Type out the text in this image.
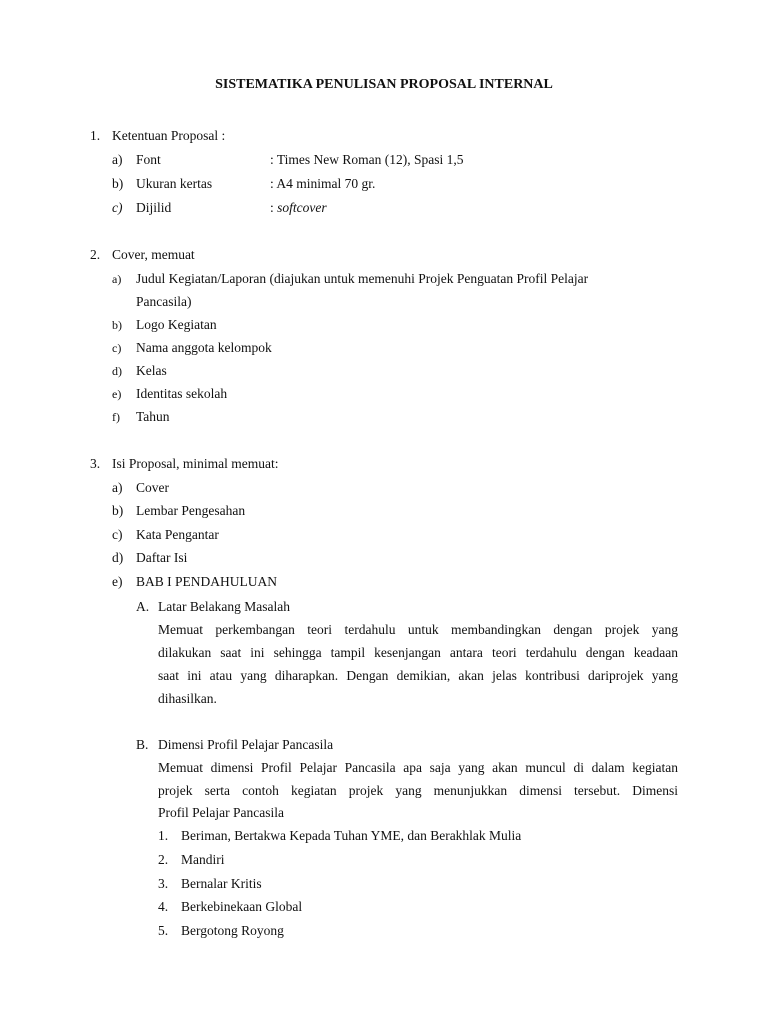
SISTEMATIKA PENULISAN PROPOSAL INTERNAL
1. Ketentuan Proposal :
a)	Font	: Times New Roman (12), Spasi 1,5
b) Ukuran kertas	: A4 minimal 70 gr.
c)	Dijilid	: softcover
2. Cover, memuat
a)	Judul Kegiatan/Laporan (diajukan untuk memenuhi Projek Penguatan Profil Pelajar
Pancasila)
b)	Logo Kegiatan
c)	Nama anggota kelompok
d)	Kelas
e)	Identitas sekolah
f)	Tahun
3. Isi Proposal, minimal memuat:
a)	Cover
b) Lembar Pengesahan
c)	Kata Pengantar
d) Daftar Isi
e)	BAB I PENDAHULUAN
A. Latar Belakang Masalah
Memuat perkembangan teori terdahulu untuk membandingkan dengan projek yang
dilakukan saat ini sehingga tampil kesenjangan antara teori terdahulu dengan keadaan
saat ini atau yang diharapkan. Dengan demikian, akan jelas kontribusi dariprojek yang
dihasilkan.
B. Dimensi Profil Pelajar Pancasila
Memuat dimensi Profil Pelajar Pancasila apa saja yang akan muncul di dalam kegiatan
projek serta contoh kegiatan projek yang menunjukkan dimensi tersebut. Dimensi
Profil Pelajar Pancasila
1. Beriman, Bertakwa Kepada Tuhan YME, dan Berakhlak Mulia
2. Mandiri
3. Bernalar Kritis
4. Berkebinekaan Global
5. Bergotong Royong
